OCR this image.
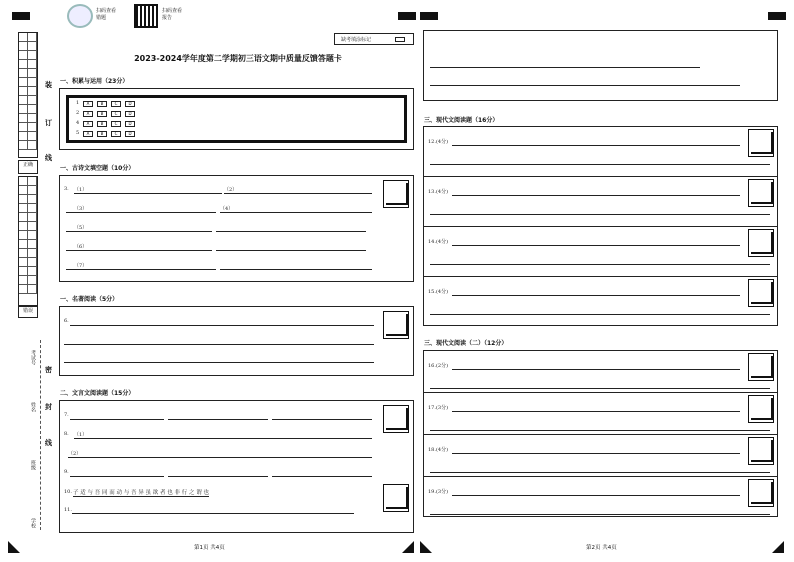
扫码查看错题
扫码查看报告
缺考填涂标记
2023-2024学年度第二学期初三语文期中质量反馈答题卡
正确
错误
装
订
线
密
封
线
考试号
姓名
班级
学校
一、积累与运用（23分）
1	A	B	C	D
2	A	B	C	D
4	A	B	C	D
5	A	B	C	D
一、古诗文填空题（10分）
3. （1）	（2）
（3）	（4）
（5）
（6）
（7）
一、名著阅读（5分）
6.
二、文言文阅读题（15分）
7.
8. （1）
（2）
9.
10. 子 适 与 吾 同 而 动 与 吾 异 虽 欲 者 也 非 行 之 谓 也
11.
三、现代文阅读题（16分）
12.(4分)
13.(4分)
14.(4分)
15.(4分)
三、现代文阅读（二）（12分）
16.(2分)
17.(3分)
18.(4分)
19.(3分)
第1页 共4页	第2页 共4页
